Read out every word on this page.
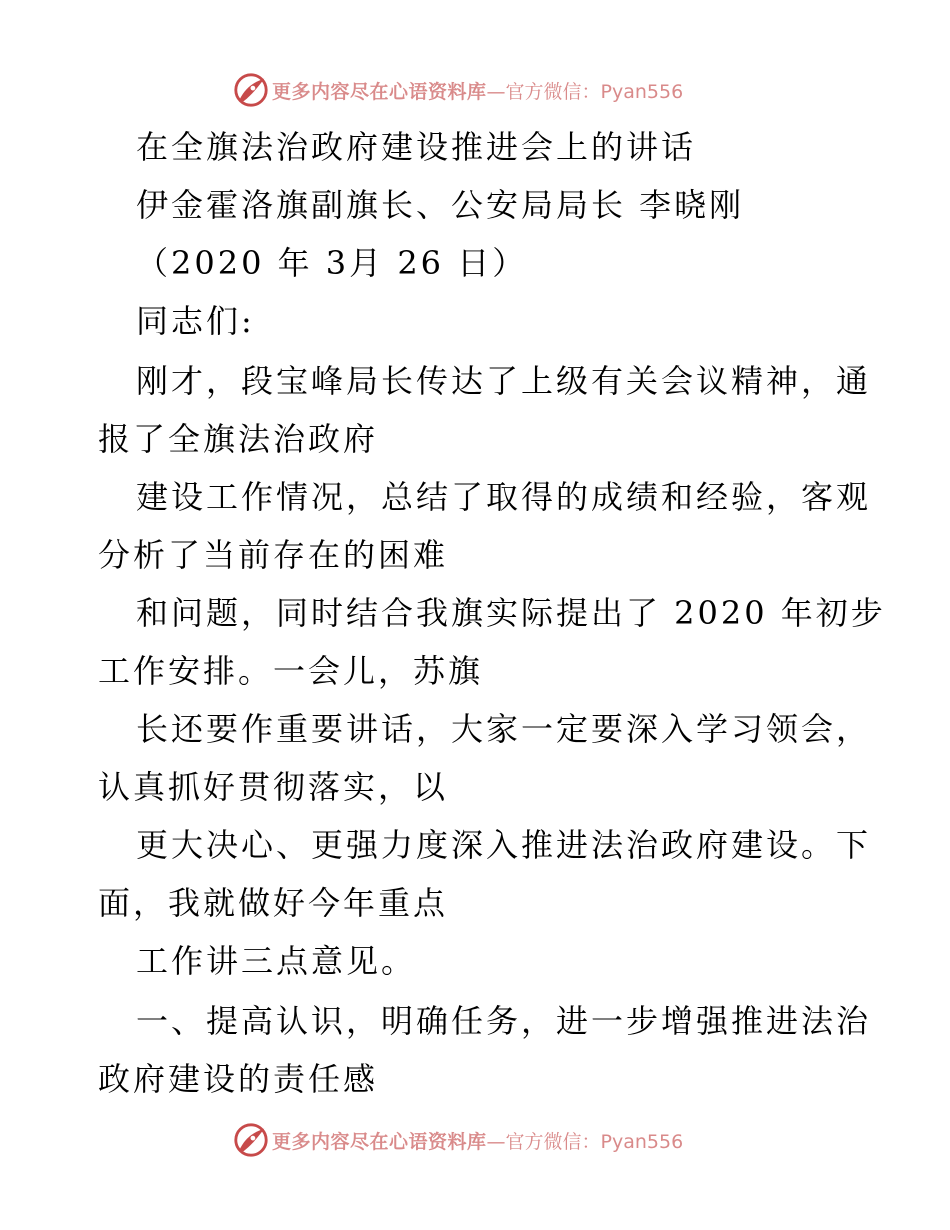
更多内容尽在心语资料库 —官方微信：Pyan556
在全旗法治政府建设推进会上的讲话
伊金霍洛旗副旗长、公安局局长 李晓刚
（2020 年 3月 26 日）
同志们:
刚才，段宝峰局长传达了上级有关会议精神，通
报了全旗法治政府
建设工作情况，总结了取得的成绩和经验，客观
分析了当前存在的困难
和问题，同时结合我旗实际提出了 2020 年初步
工作安排。一会儿，苏旗
长还要作重要讲话，大家一定要深入学习领会，
认真抓好贯彻落实，以
更大决心、更强力度深入推进法治政府建设。下
面，我就做好今年重点
工作讲三点意见。
一、提高认识，明确任务，进一步增强推进法治
政府建设的责任感
更多内容尽在心语资料库 —官方微信：Pyan556
